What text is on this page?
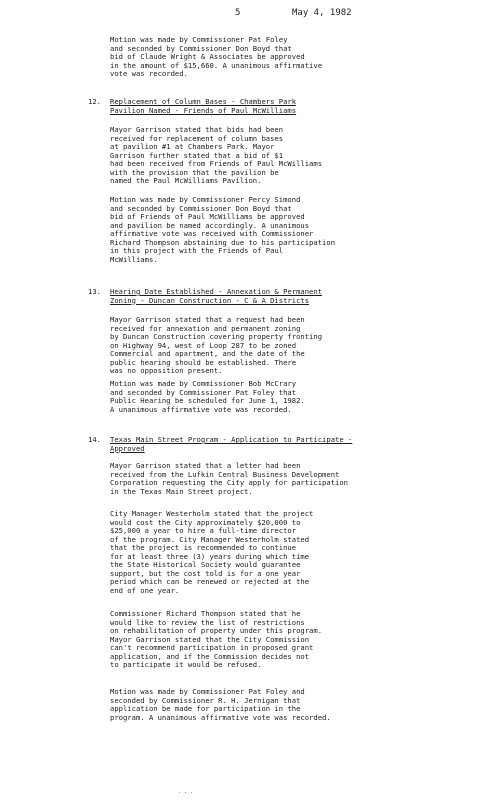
5	May 4, 1982

Motion was made by Commissioner Pat Foley

and seconded by Commissioner Don Boyd that

bid of Claude Wright & Associates be approved

in the amount of $15,660. A unanimous affirmative

vote was recorded.

12. Replacement of Column Bases - Chambers Park

Pavilion Named - Friends of Paul McWilliams

Mayor Garrison stated that bids had been

received for replacement of column bases

at pavilion #1 at Chambers Park. Mayor

Garrison further stated that a bid of $1

had been received from Friends of Paul McWilliams

with the provision that the pavilion be

named the Paul McWilliams Pavilion.

Motion was made by Commissioner Percy Simond

and seconded by Commissioner Don Boyd that

bid of Friends of Paul McWilliams be approved

and pavilion be named accordingly. A unanimous

affirmative vote was received with Commissioner

Richard Thompson abstaining due to his participation

in this project with the Friends of Paul

McWilliams.

13. Hearing Date Established - Annexation & Permanent

Zoning - Duncan Construction - C & A Districts

Mayor Garrison stated that a request had been

received for annexation and permanent zoning

by Duncan Construction covering property fronting

on Highway 94, west of Loop 287 to be zoned

Commercial and apartment, and the date of the

public hearing should be established. There

was no opposition present.

Motion was made by Commissioner Bob McCrary

and seconded by Commissioner Pat Foley that

Public Hearing be scheduled for June 1, 1982.

A unanimous affirmative vote was recorded.

14. Texas Main Street Program - Application to Participate -

Approved

Mayor Garrison stated that a letter had been

received from the Lufkin Central Business Development

Corporation requesting the City apply for participation

in the Texas Main Street project.

City Manager Westerholm stated that the project

would cost the City approximately $20,000 to

$25,000 a year to hire a full-time director

of the program. City Manager Westerholm stated

that the project is recommended to continue

for at least three (3) years during which time

the State Historical Society would guarantee

support, but the cost told is for a one year

period which can be renewed or rejected at the

end of one year.

Commissioner Richard Thompson stated that he

would like to review the list of restrictions

on rehabilitation of property under this program.

Mayor Garrison stated that the City Commission

can't recommend participation in proposed grant

application, and if the Commission decides not

to participate it would be refused.

Motion was made by Commissioner Pat Foley and

seconded by Commissioner R. H. Jernigan that

application be made for participation in the

program. A unanimous affirmative vote was recorded.

. . .
